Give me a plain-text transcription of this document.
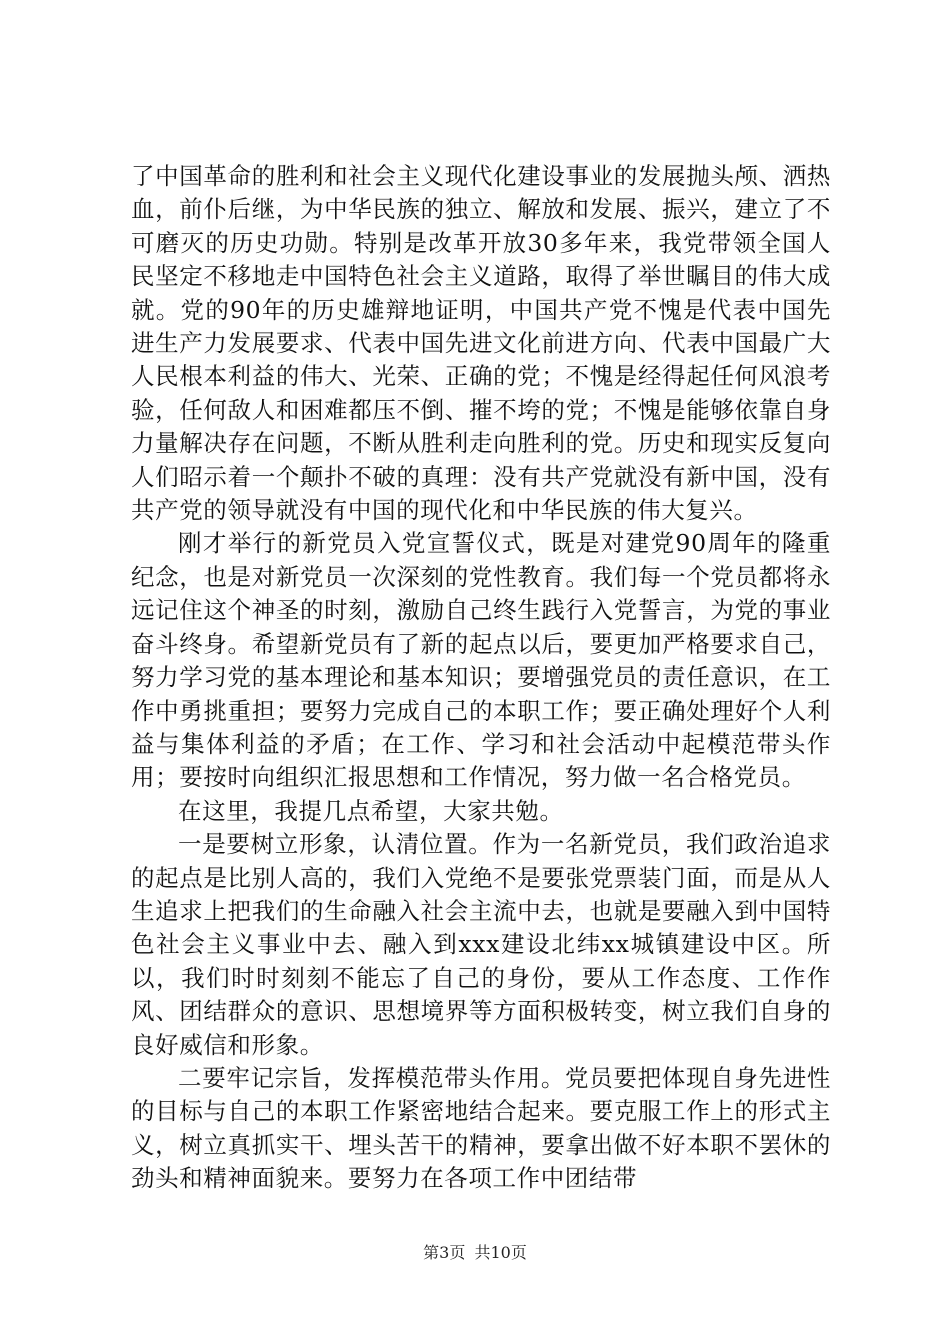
了中国革命的胜利和社会主义现代化建设事业的发展抛头颅、洒热血，前仆后继，为中华民族的独立、解放和发展、振兴，建立了不可磨灭的历史功勋。特别是改革开放30多年来，我党带领全国人民坚定不移地走中国特色社会主义道路，取得了举世瞩目的伟大成就。党的90年的历史雄辩地证明，中国共产党不愧是代表中国先进生产力发展要求、代表中国先进文化前进方向、代表中国最广大人民根本利益的伟大、光荣、正确的党；不愧是经得起任何风浪考验，任何敌人和困难都压不倒、摧不垮的党；不愧是能够依靠自身力量解决存在问题，不断从胜利走向胜利的党。历史和现实反复向人们昭示着一个颠扑不破的真理：没有共产党就没有新中国，没有共产党的领导就没有中国的现代化和中华民族的伟大复兴。

刚才举行的新党员入党宣誓仪式，既是对建党90周年的隆重纪念，也是对新党员一次深刻的党性教育。我们每一个党员都将永远记住这个神圣的时刻，激励自己终生践行入党誓言，为党的事业奋斗终身。希望新党员有了新的起点以后，要更加严格要求自己，努力学习党的基本理论和基本知识；要增强党员的责任意识，在工作中勇挑重担；要努力完成自己的本职工作；要正确处理好个人利益与集体利益的矛盾；在工作、学习和社会活动中起模范带头作用；要按时向组织汇报思想和工作情况，努力做一名合格党员。

在这里，我提几点希望，大家共勉。

一是要树立形象，认清位置。作为一名新党员，我们政治追求的起点是比别人高的，我们入党绝不是要张党票装门面，而是从人生追求上把我们的生命融入社会主流中去，也就是要融入到中国特色社会主义事业中去、融入到xxx建设北纬xx城镇建设中区。所以，我们时时刻刻不能忘了自己的身份，要从工作态度、工作作风、团结群众的意识、思想境界等方面积极转变，树立我们自身的良好威信和形象。

二要牢记宗旨，发挥模范带头作用。党员要把体现自身先进性的目标与自己的本职工作紧密地结合起来。要克服工作上的形式主义，树立真抓实干、埋头苦干的精神，要拿出做不好本职不罢休的劲头和精神面貌来。要努力在各项工作中团结带

第3页 共10页
